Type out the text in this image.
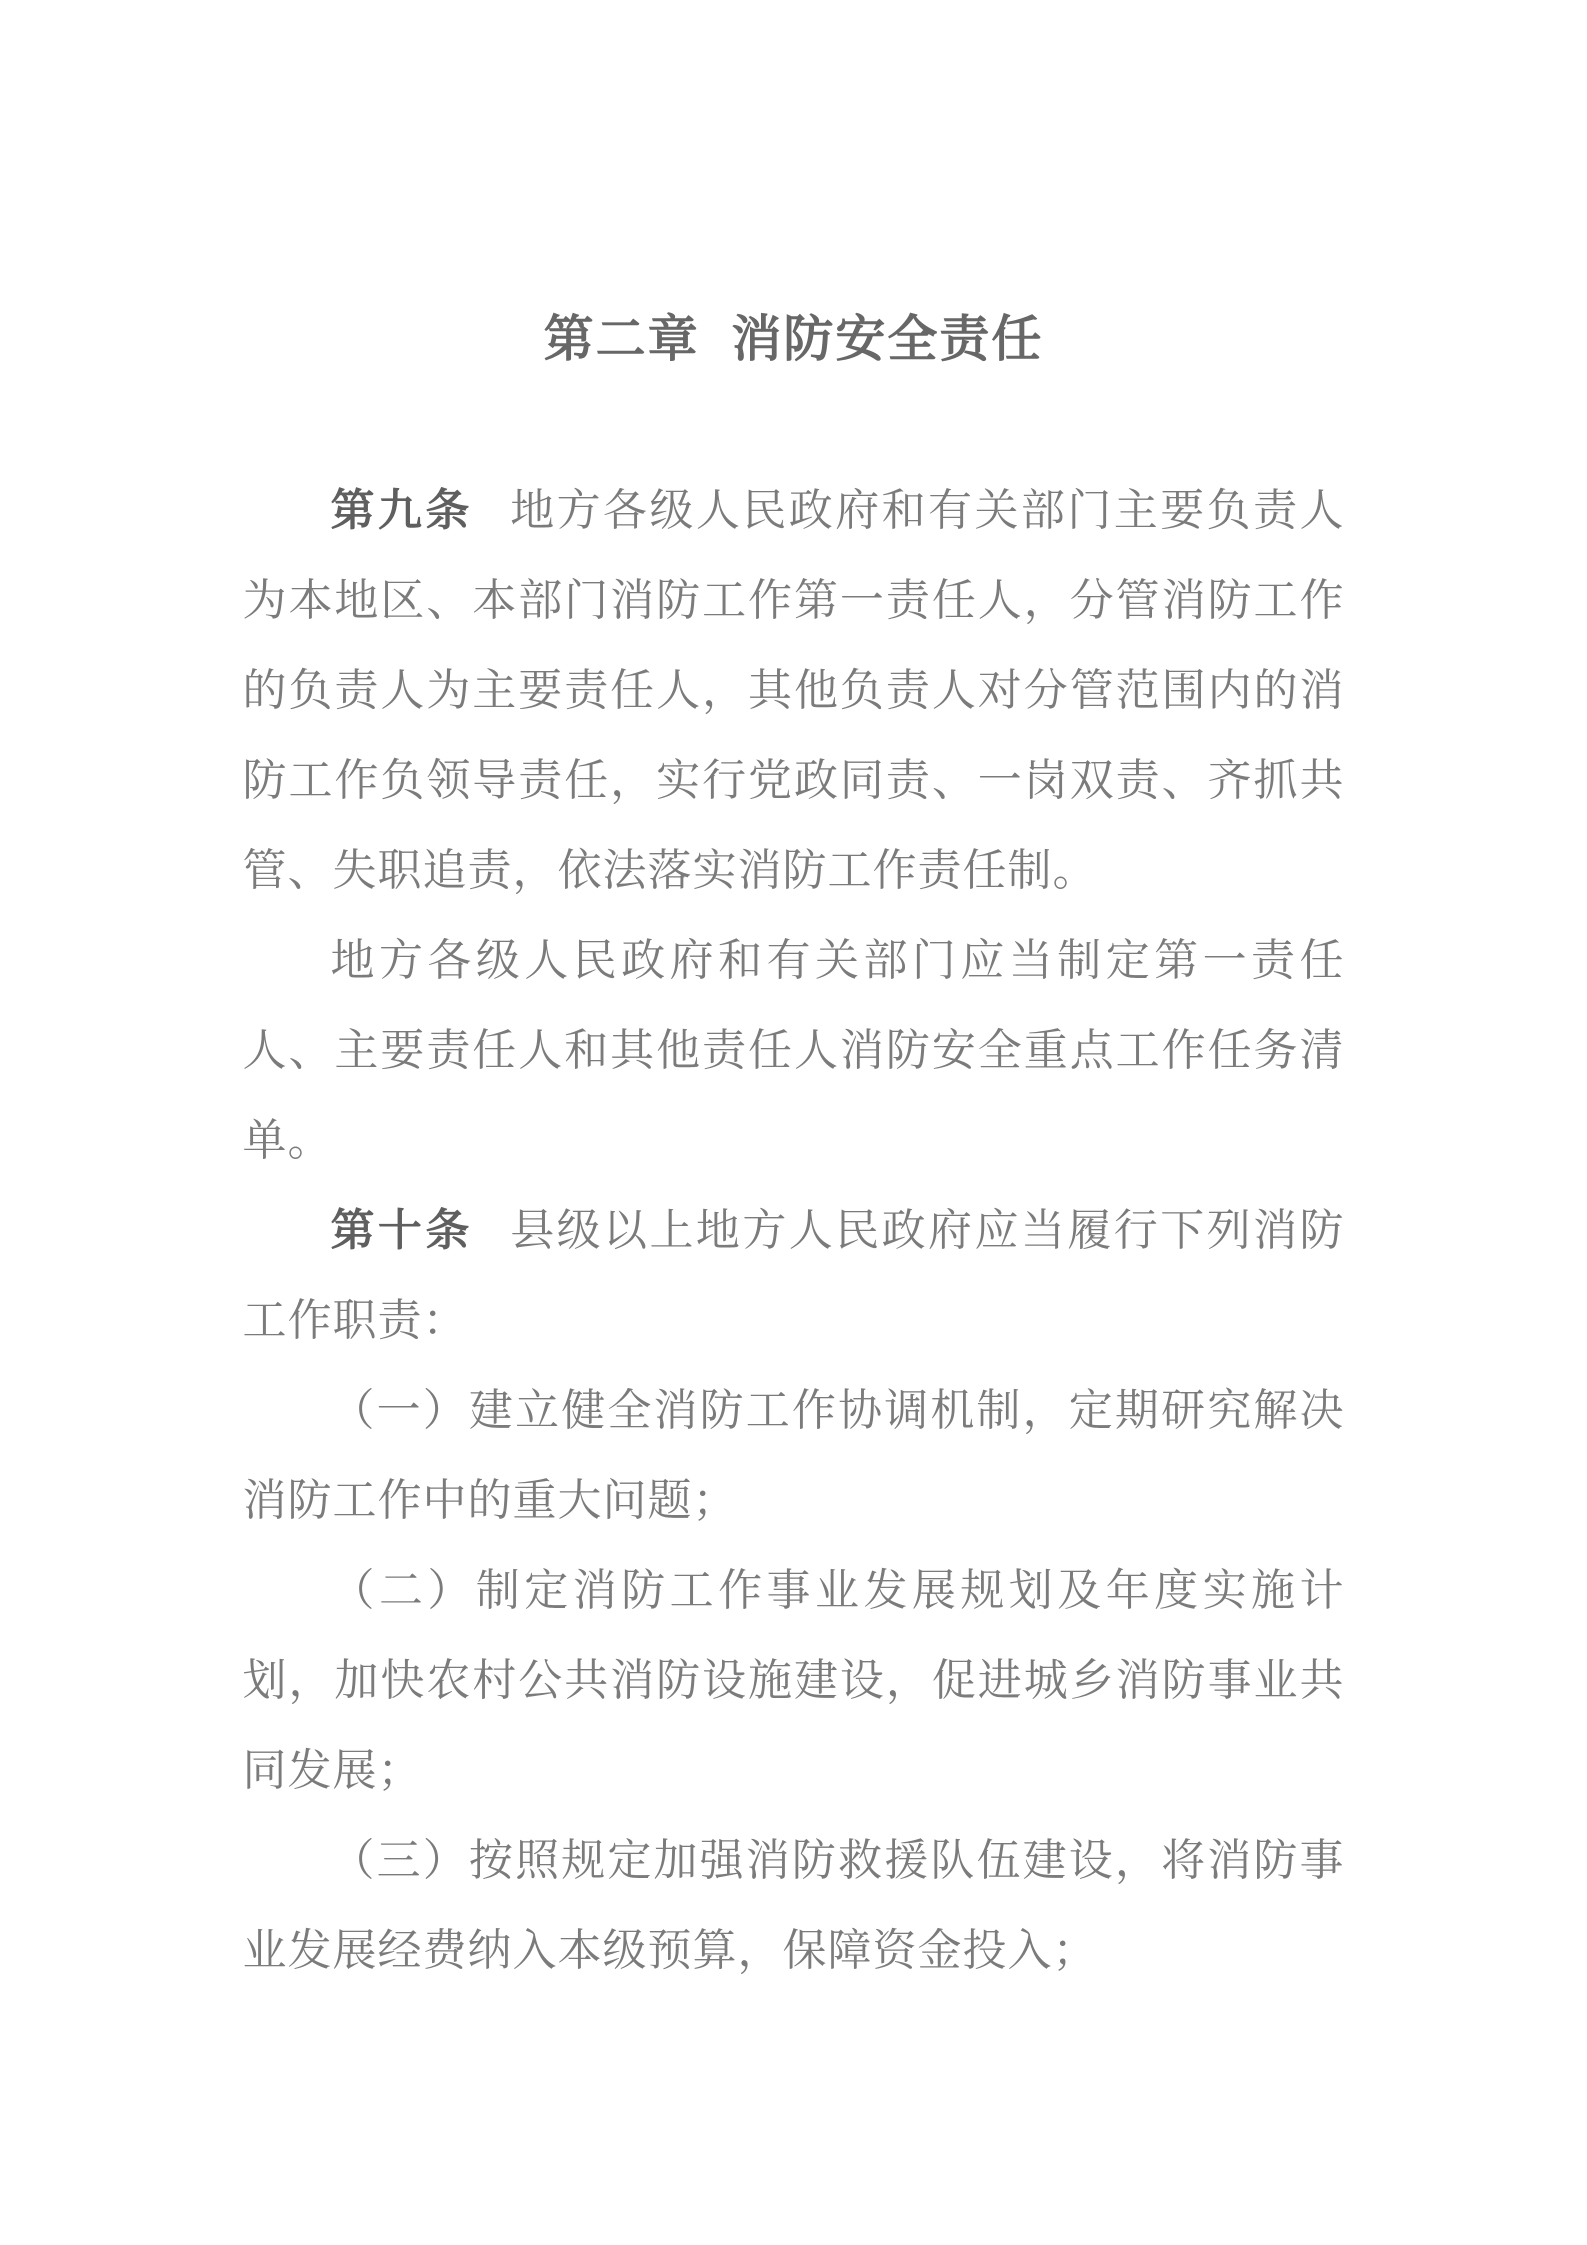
第二章  消防安全责任

第九条 地方各级人民政府和有关部门主要负责人为本地区、本部门消防工作第一责任人，分管消防工作的负责人为主要责任人，其他负责人对分管范围内的消防工作负领导责任，实行党政同责、一岗双责、齐抓共管、失职追责，依法落实消防工作责任制。

地方各级人民政府和有关部门应当制定第一责任人、主要责任人和其他责任人消防安全重点工作任务清单。

第十条 县级以上地方人民政府应当履行下列消防工作职责：

（一）建立健全消防工作协调机制，定期研究解决消防工作中的重大问题；

（二）制定消防工作事业发展规划及年度实施计划，加快农村公共消防设施建设，促进城乡消防事业共同发展；

（三）按照规定加强消防救援队伍建设，将消防事业发展经费纳入本级预算，保障资金投入；
